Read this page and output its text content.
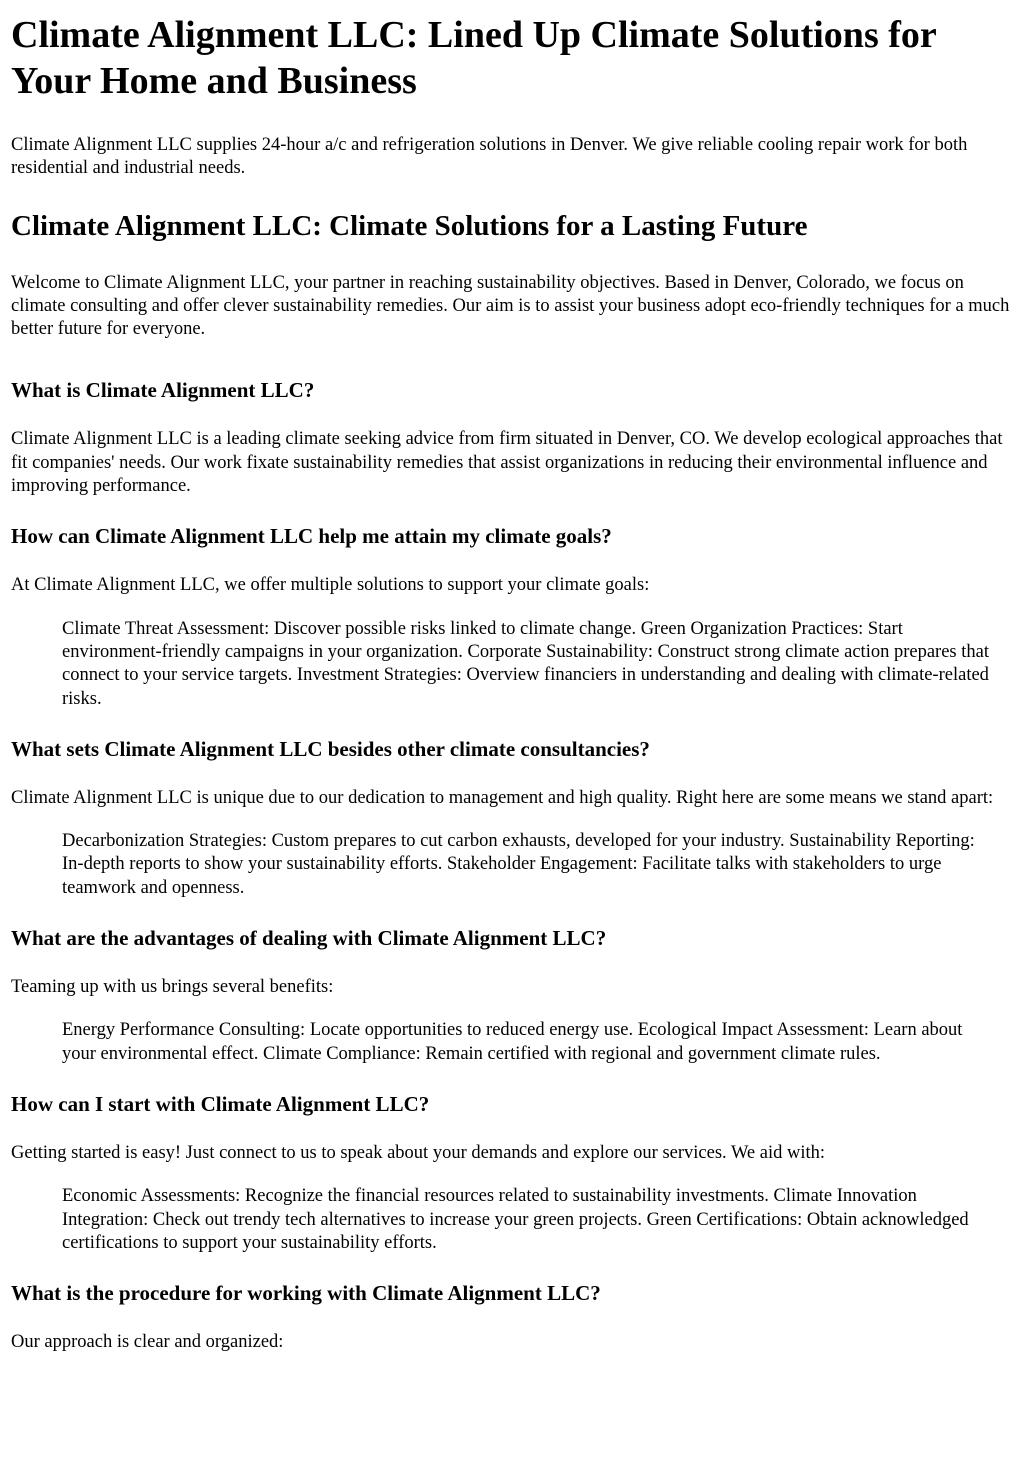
Climate Alignment LLC: Lined Up Climate Solutions for Your Home and Business

Climate Alignment LLC supplies 24-hour a/c and refrigeration solutions in Denver. We give reliable cooling repair work for both residential and industrial needs.

Climate Alignment LLC: Climate Solutions for a Lasting Future

Welcome to Climate Alignment LLC, your partner in reaching sustainability objectives. Based in Denver, Colorado, we focus on climate consulting and offer clever sustainability remedies. Our aim is to assist your business adopt eco-friendly techniques for a much better future for everyone.

What is Climate Alignment LLC?

Climate Alignment LLC is a leading climate seeking advice from firm situated in Denver, CO. We develop ecological approaches that fit companies' needs. Our work fixate sustainability remedies that assist organizations in reducing their environmental influence and improving performance.

How can Climate Alignment LLC help me attain my climate goals?

At Climate Alignment LLC, we offer multiple solutions to support your climate goals:

Climate Threat Assessment: Discover possible risks linked to climate change. Green Organization Practices: Start environment-friendly campaigns in your organization. Corporate Sustainability: Construct strong climate action prepares that connect to your service targets. Investment Strategies: Overview financiers in understanding and dealing with climate-related risks.
What sets Climate Alignment LLC besides other climate consultancies?

Climate Alignment LLC is unique due to our dedication to management and high quality. Right here are some means we stand apart:

Decarbonization Strategies: Custom prepares to cut carbon exhausts, developed for your industry. Sustainability Reporting: In-depth reports to show your sustainability efforts. Stakeholder Engagement: Facilitate talks with stakeholders to urge teamwork and openness.
What are the advantages of dealing with Climate Alignment LLC?

Teaming up with us brings several benefits:

Energy Performance Consulting: Locate opportunities to reduced energy use. Ecological Impact Assessment: Learn about your environmental effect. Climate Compliance: Remain certified with regional and government climate rules.
How can I start with Climate Alignment LLC?

Getting started is easy! Just connect to us to speak about your demands and explore our services. We aid with:

Economic Assessments: Recognize the financial resources related to sustainability investments. Climate Innovation Integration: Check out trendy tech alternatives to increase your green projects. Green Certifications: Obtain acknowledged certifications to support your sustainability efforts.
What is the procedure for working with Climate Alignment LLC?

Our approach is clear and organized:
